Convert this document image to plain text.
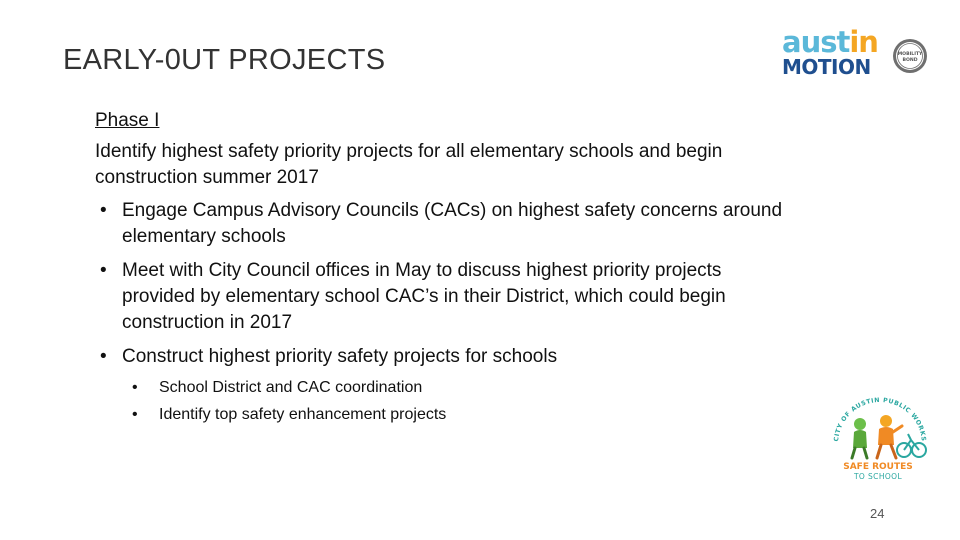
EARLY-0UT PROJECTS
austin
MOTION
MOBILITY
BOND
Phase I
Identify highest safety priority projects for all elementary schools and begin construction summer 2017
• Engage Campus Advisory Councils (CACs) on highest safety concerns around elementary schools
• Meet with City Council offices in May to discuss highest priority projects provided by elementary school CAC’s in their District, which could begin construction in 2017
• Construct highest priority safety projects for schools
• School District and CAC coordination
• Identify top safety enhancement projects
CITY OF AUSTIN PUBLIC WORKS
SAFE ROUTES
TO SCHOOL
24
